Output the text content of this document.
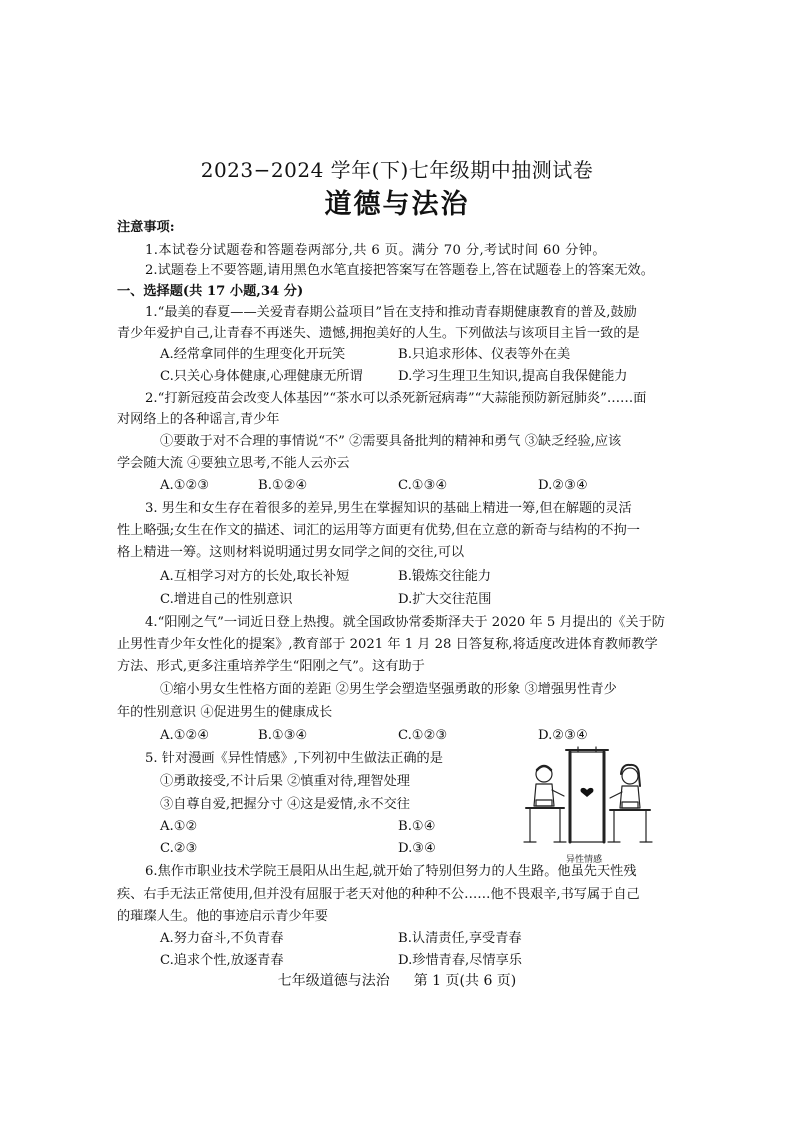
2023−2024 学年(下)七年级期中抽测试卷
道德与法治
注意事项:
1.本试卷分试题卷和答题卷两部分,共 6 页。满分 70 分,考试时间 60 分钟。
2.试题卷上不要答题,请用黑色水笔直接把答案写在答题卷上,答在试题卷上的答案无效。
一、选择题(共 17 小题,34 分)
1.“最美的春夏——关爱青春期公益项目”旨在支持和推动青春期健康教育的普及,鼓励
青少年爱护自己,让青春不再迷失、遗憾,拥抱美好的人生。下列做法与该项目主旨一致的是
A.经常拿同伴的生理变化开玩笑	B.只追求形体、仪表等外在美
C.只关心身体健康,心理健康无所谓	D.学习生理卫生知识,提高自我保健能力
2.“打新冠疫苗会改变人体基因”“茶水可以杀死新冠病毒”“大蒜能预防新冠肺炎”……面
对网络上的各种谣言,青少年
①要敢于对不合理的事情说“不” ②需要具备批判的精神和勇气 ③缺乏经验,应该
学会随大流 ④要独立思考,不能人云亦云
A.①②③	B.①②④	C.①③④	D.②③④
3. 男生和女生存在着很多的差异,男生在掌握知识的基础上精进一筹,但在解题的灵活
性上略强;女生在作文的描述、词汇的运用等方面更有优势,但在立意的新奇与结构的不拘一
格上精进一筹。这则材料说明通过男女同学之间的交往,可以
A.互相学习对方的长处,取长补短	B.锻炼交往能力
C.增进自己的性别意识	D.扩大交往范围
4.“阳刚之气”一词近日登上热搜。就全国政协常委斯泽夫于 2020 年 5 月提出的《关于防
止男性青少年女性化的提案》,教育部于 2021 年 1 月 28 日答复称,将适度改进体育教师教学
方法、形式,更多注重培养学生“阳刚之气”。这有助于
①缩小男女生性格方面的差距 ②男生学会塑造坚强勇敢的形象 ③增强男性青少
年的性别意识 ④促进男生的健康成长
A.①②④	B.①③④	C.①②③	D.②③④
5. 针对漫画《异性情感》,下列初中生做法正确的是
①勇敢接受,不计后果 ②慎重对待,理智处理
③自尊自爱,把握分寸 ④这是爱情,永不交往
A.①②	B.①④
C.②③	D.③④
异性情感
6.焦作市职业技术学院王晨阳从出生起,就开始了特别但努力的人生路。他虽先天性残
疾、右手无法正常使用,但并没有屈服于老天对他的种种不公……他不畏艰辛,书写属于自己
的璀璨人生。他的事迹启示青少年要
A.努力奋斗,不负青春	B.认清责任,享受青春
C.追求个性,放逐青春	D.珍惜青春,尽情享乐
七年级道德与法治 第 1 页(共 6 页)
